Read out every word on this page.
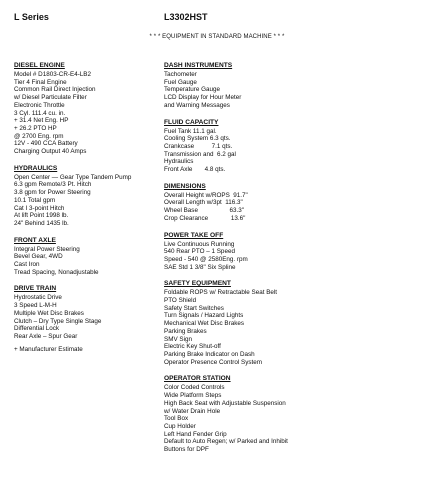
L Series	L3302HST
* * * EQUIPMENT IN STANDARD MACHINE * * *
DIESEL ENGINE
Model # D1803-CR-E4-LB2
Tier 4 Final Engine
Common Rail Direct Injection
w/ Diesel Particulate Filter
Electronic Throttle
3 Cyl. 111.4 cu. in.
+ 31.4 Net Eng. HP
+ 26.2 PTO HP
@ 2700 Eng. rpm
12V - 490 CCA Battery
Charging Output 40 Amps
HYDRAULICS
Open Center — Gear Type Tandem Pump
6.3 gpm Remote/3 Pt. Hitch
3.8 gpm for Power Steering
10.1 Total gpm
Cat I 3-point Hitch
At lift Point 1998 lb.
24" Behind 1435 lb.
FRONT AXLE
Integral Power Steering
Bevel Gear, 4WD
Cast Iron
Tread Spacing, Nonadjustable
DRIVE TRAIN
Hydrostatic Drive
3 Speed L-M-H
Multiple Wet Disc Brakes
Clutch – Dry Type Single Stage
Differential Lock
Rear Axle – Spur Gear
+ Manufacturer Estimate
DASH INSTRUMENTS
Tachometer
Fuel Gauge
Temperature Gauge
LCD Display for Hour Meter
and Warning Messages
FLUID CAPACITY
Fuel Tank 11.1 gal.
Cooling System 6.3 qts.
Crankcase          7.1 qts.
Transmission and  6.2 gal
Hydraulics
Front Axle       4.8 qts.
DIMENSIONS
Overall Height w/ROPS  91.7"
Overall Length w/3pt  116.3"
Wheel Base                  63.3"
Crop Clearance             13.6"
POWER TAKE OFF
Live Continuous Running
540 Rear PTO – 1 Speed
Speed - 540 @ 2580Eng. rpm
SAE Std 1 3/8" Six Spline
SAFETY EQUIPMENT
Foldable ROPS w/ Retractable Seat Belt
PTO Shield
Safety Start Switches
Turn Signals / Hazard Lights
Mechanical Wet Disc Brakes
Parking Brakes
SMV Sign
Electric Key Shut-off
Parking Brake Indicator on Dash
Operator Presence Control System
OPERATOR STATION
Color Coded Controls
Wide Platform Steps
High Back Seat with Adjustable Suspension
w/ Water Drain Hole
Tool Box
Cup Holder
Left Hand Fender Grip
Default to Auto Regen; w/ Parked and Inhibit
Buttons for DPF
